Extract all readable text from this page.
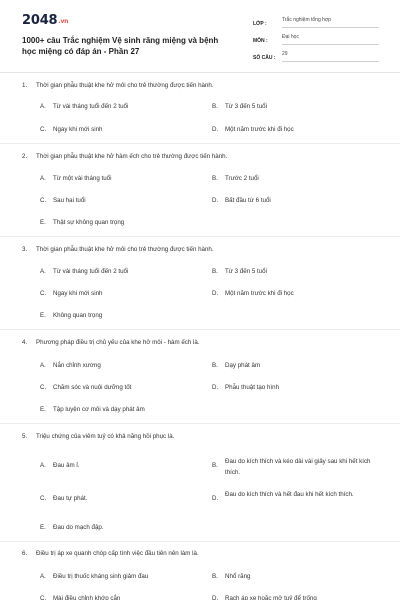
2048.vn
1000+ câu Trắc nghiệm Vệ sinh răng miệng và bệnh học miệng có đáp án - Phần 27
LỚP :
Trắc nghiệm tổng hợp
MÔN :
Đại học
SỐ CÂU :
29
1. Thời gian phẫu thuật khe hở môi cho trẻ thường được tiến hành.
A. Từ vài tháng tuổi đến 2 tuổi	B. Từ 3 đến 5 tuổi
C. Ngay khi mới sinh	D. Một năm trước khi đi học
2. Thời gian phẫu thuật khe hở hàm ếch cho trẻ thường được tiến hành.
A. Từ một vài tháng tuổi	B. Trước 2 tuổi
C. Sau hai tuổi	D. Bất đầu từ 6 tuổi
E. Thật sự không quan trọng
3. Thời gian phẫu thuật khe hở môi cho trẻ thường được tiến hành.
A. Từ vài tháng tuổi đến 2 tuổi	B. Từ 3 đến 5 tuổi
C. Ngay khi mới sinh	D. Một năm trước khi đi học
E. Không quan trọng
4. Phương pháp điều trị chủ yếu của khe hở môi - hàm ếch là.
A. Nắn chỉnh xương	B. Dạy phát âm
C. Chăm sóc và nuôi dưỡng tốt	D. Phẫu thuật tạo hình
E. Tập luyện cơ môi và dạy phát âm
5. Triệu chứng của viêm tuỷ có khả năng hồi phục là.
A. Đau âm ỉ.	B.
Đau do kích thích và kéo dài vài giây sau khi hết kích thích.
C. Đau tự phát.	D.
Đau do kích thích và hết đau khi hết kích thích.
E. Đau do mạch đập.
6. Điều trị áp xe quanh chóp cấp tính việc đầu tiên nên làm là.
A. Điều trị thuốc kháng sinh giảm đau	B. Nhổ răng
C. Mài điều chỉnh khớp cắn	D. Rạch áp xe hoặc mở tuỷ để trống
